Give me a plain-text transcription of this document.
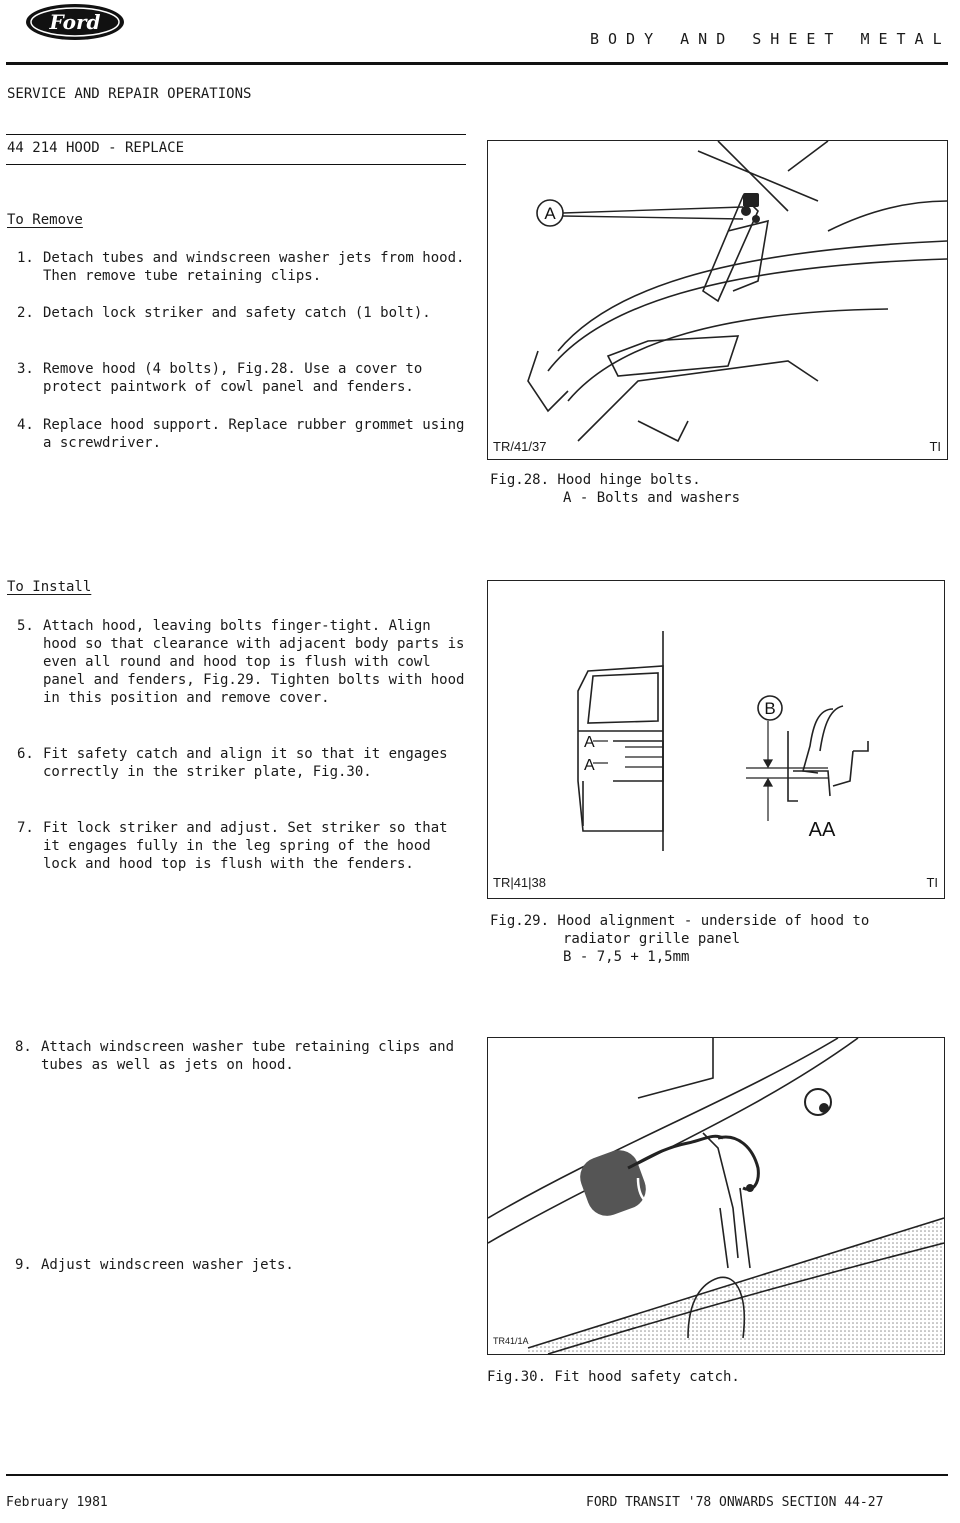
Ford
BODY AND SHEET METAL
SERVICE AND REPAIR OPERATIONS
44 214 HOOD - REPLACE
To Remove
1. Detach tubes and windscreen washer jets from hood. Then remove tube retaining clips.
2. Detach lock striker and safety catch (1 bolt).
3. Remove hood (4 bolts), Fig.28. Use a cover to protect paintwork of cowl panel and fenders.
4. Replace hood support. Replace rubber grommet using a screwdriver.
To Install
5. Attach hood, leaving bolts finger-tight. Align hood so that clearance with adjacent body parts is even all round and hood top is flush with cowl panel and fenders, Fig.29. Tighten bolts with hood in this position and remove cover.
6. Fit safety catch and align it so that it engages correctly in the striker plate, Fig.30.
7. Fit lock striker and adjust. Set striker so that it engages fully in the leg spring of the hood lock and hood top is flush with the fenders.
8. Attach windscreen washer tube retaining clips and tubes as well as jets on hood.
9. Adjust windscreen washer jets.
A
TR/41/37	TI
Fig.28. Hood hinge bolts.
A - Bolts and washers
A
A
B
AA
TR|41|38	TI
Fig.29. Hood alignment - underside of hood to
radiator grille panel
B - 7,5 + 1,5mm
TR41/1A
Fig.30. Fit hood safety catch.
February 1981	FORD TRANSIT '78 ONWARDS SECTION 44-27
